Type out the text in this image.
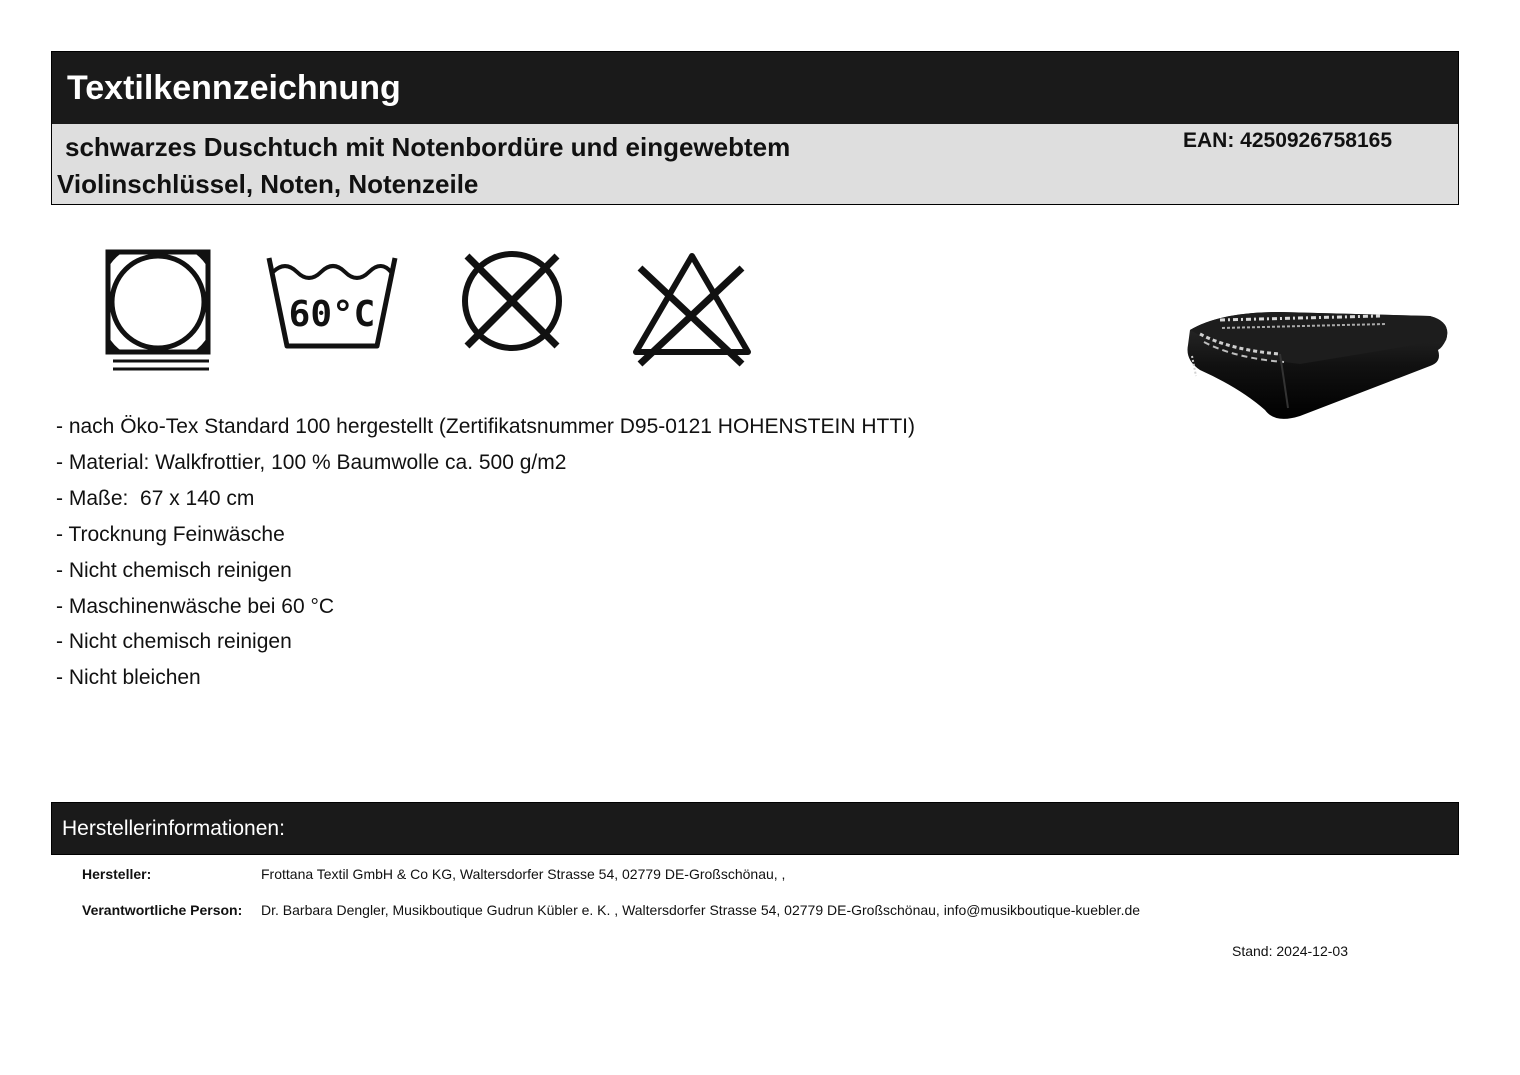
Textilkennzeichnung
schwarzes Duschtuch mit Notenbordüre und eingewebtem
Violinschlüssel, Noten, Notenzeile
EAN: 4250926758165
60°C
- nach Öko-Tex Standard 100 hergestellt (Zertifikatsnummer D95-0121 HOHENSTEIN HTTI)
- Material: Walkfrottier, 100 % Baumwolle ca. 500 g/m2
- Maße:  67 x 140 cm
- Trocknung Feinwäsche
- Nicht chemisch reinigen
- Maschinenwäsche bei 60 °C
- Nicht chemisch reinigen
- Nicht bleichen
Herstellerinformationen:
Hersteller:	Frottana Textil GmbH & Co KG, Waltersdorfer Strasse 54, 02779 DE-Großschönau, ,
Verantwortliche Person: Dr. Barbara Dengler, Musikboutique Gudrun Kübler e. K. , Waltersdorfer Strasse 54, 02779 DE-Großschönau, info@musikboutique-kuebler.de
Stand: 2024-12-03
